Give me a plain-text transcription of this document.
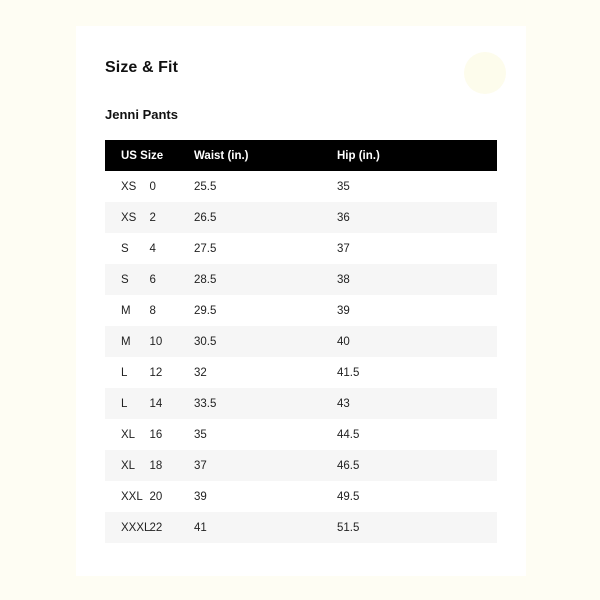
Size & Fit
Jenni Pants
US Size		Waist (in.)	Hip (in.)
XS	0	25.5	35
XS	2	26.5	36
S	4	27.5	37
S	6	28.5	38
M	8	29.5	39
M	10	30.5	40
L	12	32	41.5
L	14	33.5	43
XL	16	35	44.5
XL	18	37	46.5
XXL	20	39	49.5
XXXL	22	41	51.5
